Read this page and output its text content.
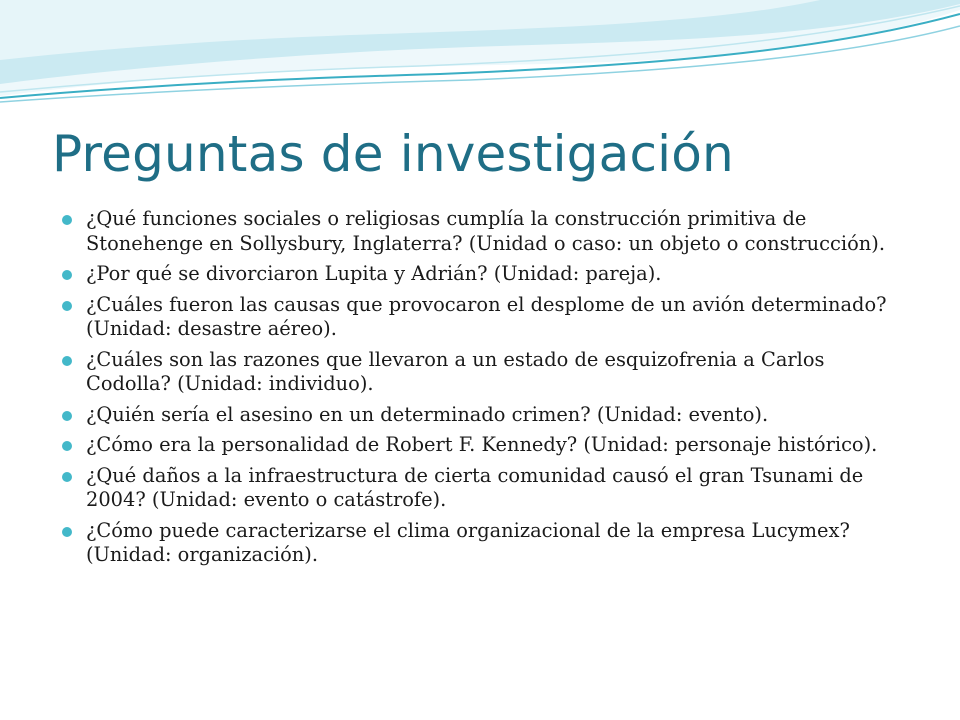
Preguntas de investigación
¿Qué funciones sociales o religiosas cumplía la construcción primitiva de Stonehenge en Sollysbury, Inglaterra? (Unidad o caso: un objeto o construcción).
¿Por qué se divorciaron Lupita y Adrián? (Unidad: pareja).
¿Cuáles fueron las causas que provocaron el desplome de un avión determinado? (Unidad: desastre aéreo).
¿Cuáles son las razones que llevaron a un estado de esquizofrenia a Carlos Codolla? (Unidad: individuo).
¿Quién sería el asesino en un determinado crimen? (Unidad: evento).
¿Cómo era la personalidad de Robert F. Kennedy? (Unidad: personaje histórico).
¿Qué daños a la infraestructura de cierta comunidad causó el gran Tsunami de 2004? (Unidad: evento o catástrofe).
¿Cómo puede caracterizarse el clima organizacional de la empresa Lucymex? (Unidad: organización).
